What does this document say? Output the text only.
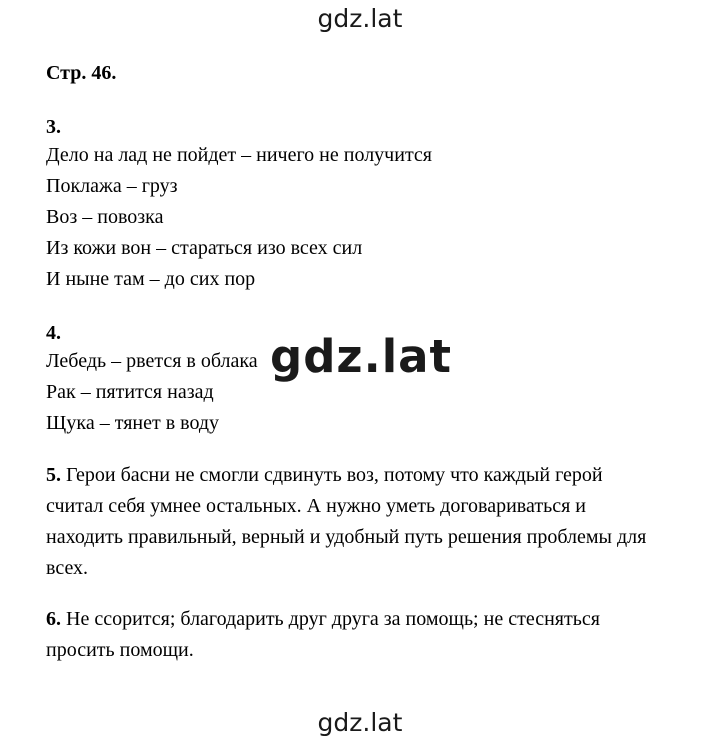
gdz.lat
Стр. 46.
3.
Дело на лад не пойдет – ничего не получится
Поклажа – груз
Воз – повозка
Из кожи вон – стараться изо всех сил
И ныне там – до сих пор
4.
Лебедь – рвется в облака
Рак – пятится назад
Щука – тянет в воду
5. Герои басни не смогли сдвинуть воз, потому что каждый герой
считал себя умнее остальных. А нужно уметь договариваться и
находить правильный, верный и удобный путь решения проблемы для
всех.
6. Не ссорится; благодарить друг друга за помощь; не стесняться
просить помощи.
gdz.lat
gdz.lat
